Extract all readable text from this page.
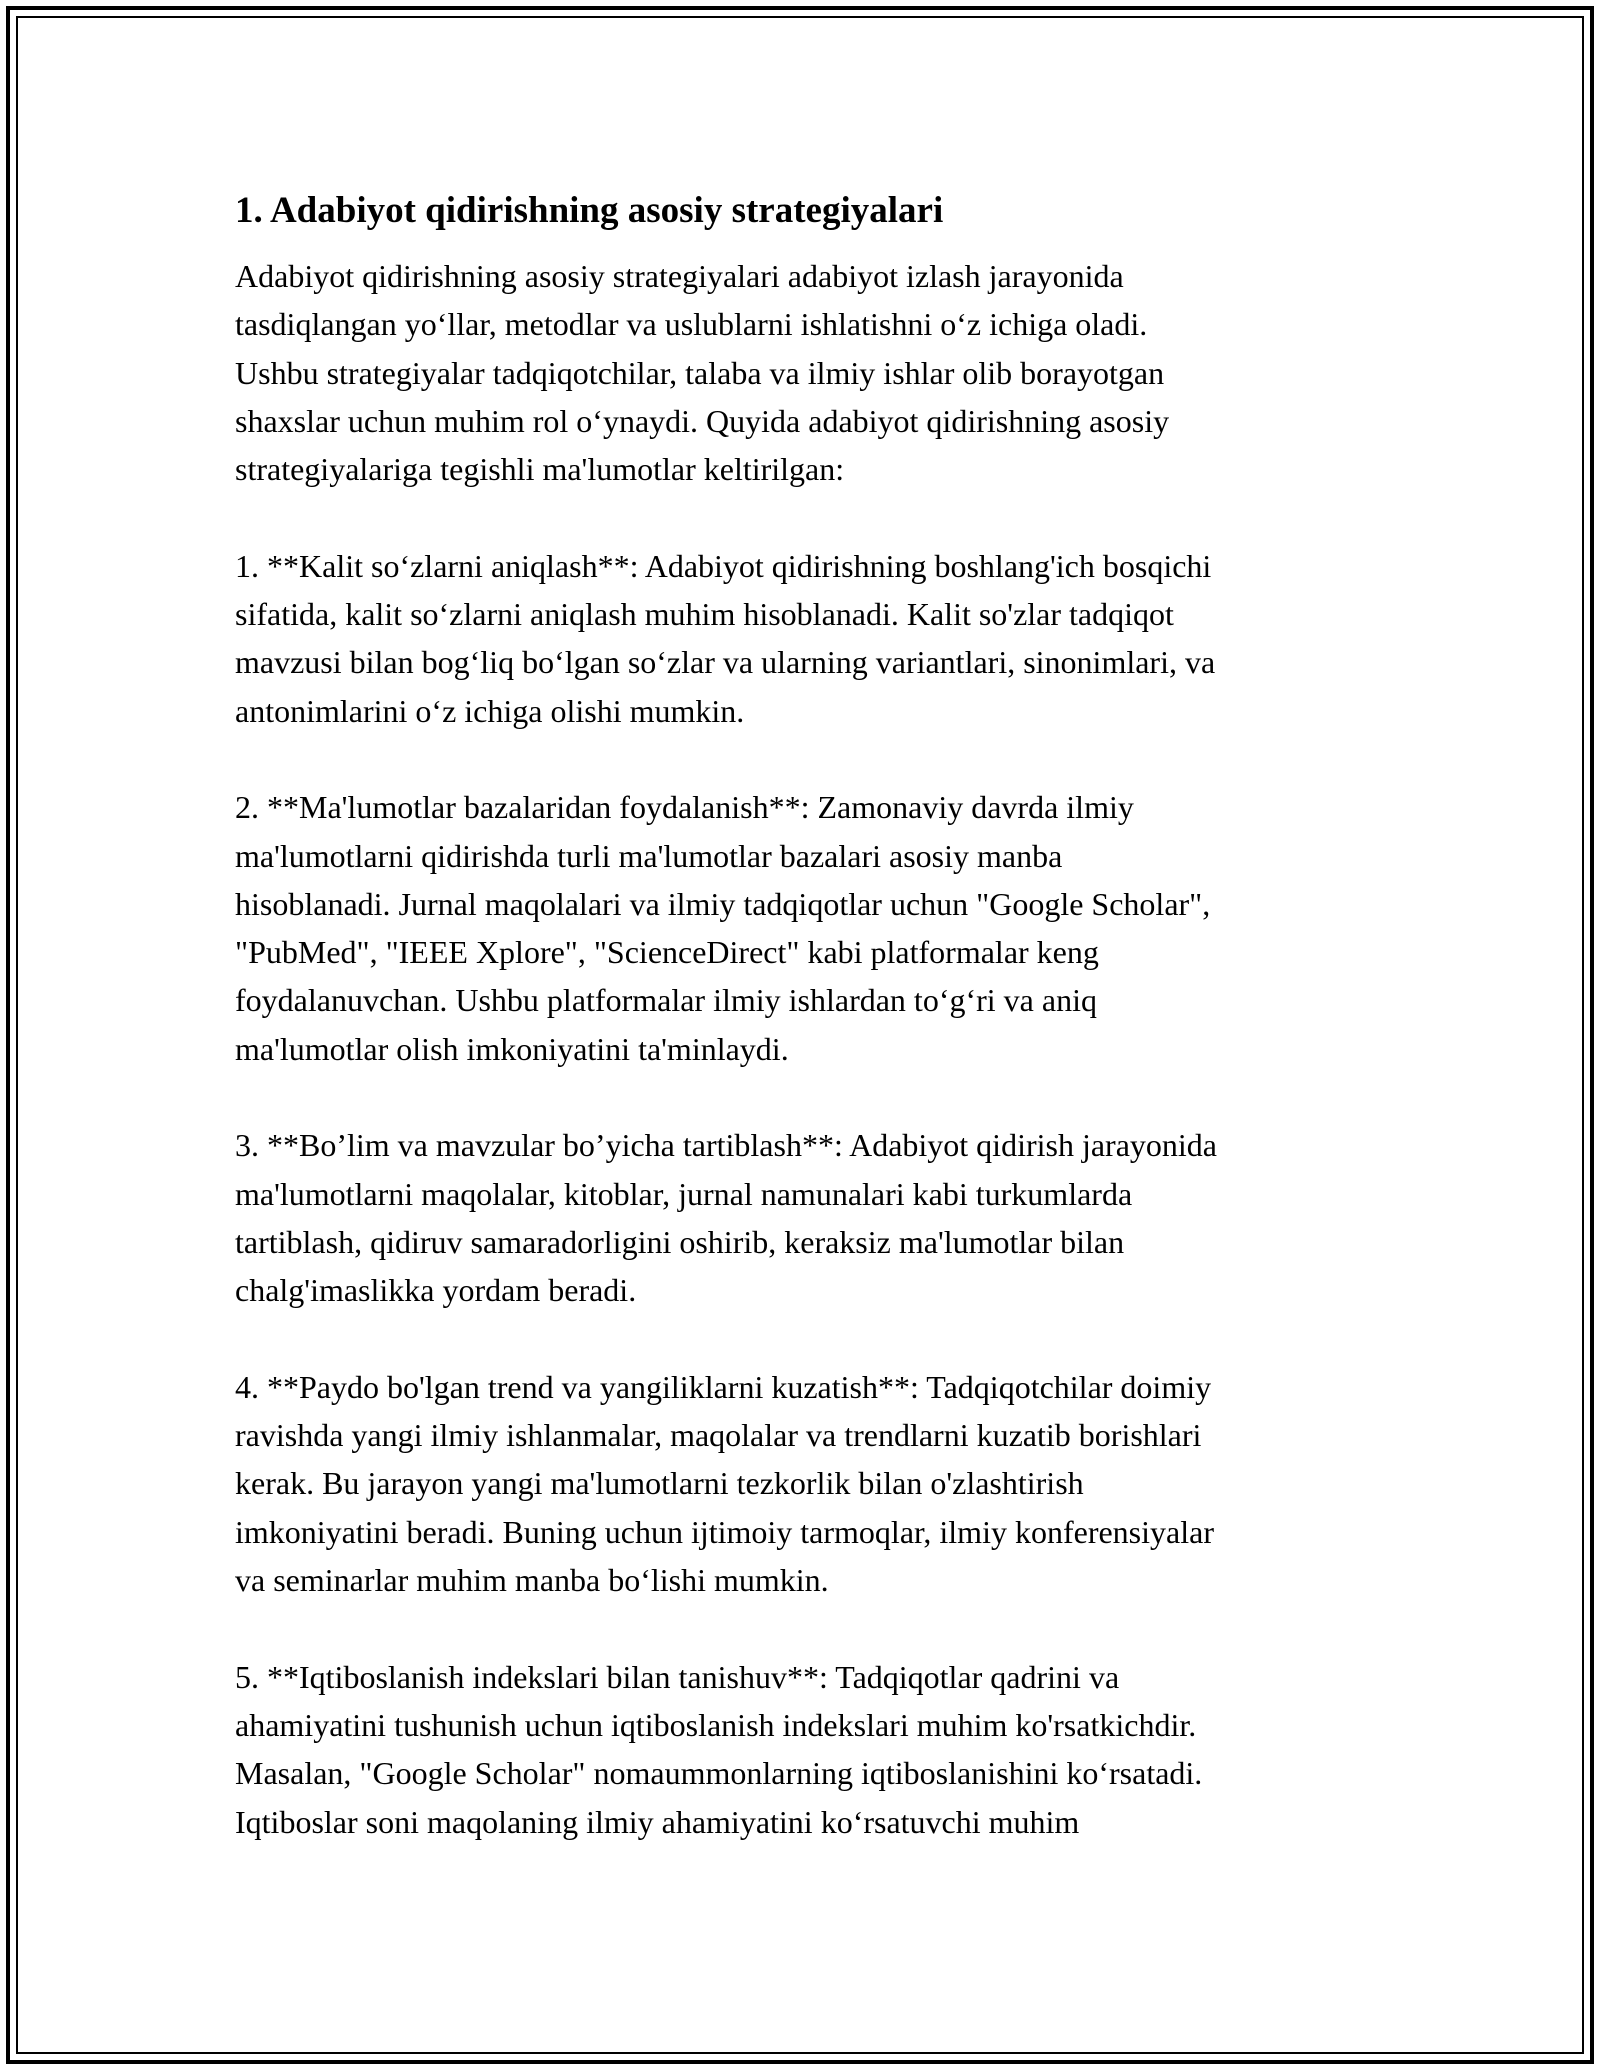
1. Adabiyot qidirishning asosiy strategiyalari

Adabiyot qidirishning asosiy strategiyalari adabiyot izlash jarayonida
tasdiqlangan yo‘llar, metodlar va uslublarni ishlatishni o‘z ichiga oladi.
Ushbu strategiyalar tadqiqotchilar, talaba va ilmiy ishlar olib borayotgan
shaxslar uchun muhim rol o‘ynaydi. Quyida adabiyot qidirishning asosiy
strategiyalariga tegishli ma'lumotlar keltirilgan:

1. **Kalit so‘zlarni aniqlash**: Adabiyot qidirishning boshlang'ich bosqichi
sifatida, kalit so‘zlarni aniqlash muhim hisoblanadi. Kalit so'zlar tadqiqot
mavzusi bilan bog‘liq bo‘lgan so‘zlar va ularning variantlari, sinonimlari, va
antonimlarini o‘z ichiga olishi mumkin.

2. **Ma'lumotlar bazalaridan foydalanish**: Zamonaviy davrda ilmiy
ma'lumotlarni qidirishda turli ma'lumotlar bazalari asosiy manba
hisoblanadi. Jurnal maqolalari va ilmiy tadqiqotlar uchun "Google Scholar",
"PubMed", "IEEE Xplore", "ScienceDirect" kabi platformalar keng
foydalanuvchan. Ushbu platformalar ilmiy ishlardan to‘g‘ri va aniq
ma'lumotlar olish imkoniyatini ta'minlaydi.

3. **Bo’lim va mavzular bo’yicha tartiblash**: Adabiyot qidirish jarayonida
ma'lumotlarni maqolalar, kitoblar, jurnal namunalari kabi turkumlarda
tartiblash, qidiruv samaradorligini oshirib, keraksiz ma'lumotlar bilan
chalg'imaslikka yordam beradi.

4. **Paydo bo'lgan trend va yangiliklarni kuzatish**: Tadqiqotchilar doimiy
ravishda yangi ilmiy ishlanmalar, maqolalar va trendlarni kuzatib borishlari
kerak. Bu jarayon yangi ma'lumotlarni tezkorlik bilan o'zlashtirish
imkoniyatini beradi. Buning uchun ijtimoiy tarmoqlar, ilmiy konferensiyalar
va seminarlar muhim manba bo‘lishi mumkin.

5. **Iqtiboslanish indekslari bilan tanishuv**: Tadqiqotlar qadrini va
ahamiyatini tushunish uchun iqtiboslanish indekslari muhim ko'rsatkichdir.
Masalan, "Google Scholar" nomaummonlarning iqtiboslanishini ko‘rsatadi.
Iqtiboslar soni maqolaning ilmiy ahamiyatini ko‘rsatuvchi muhim
